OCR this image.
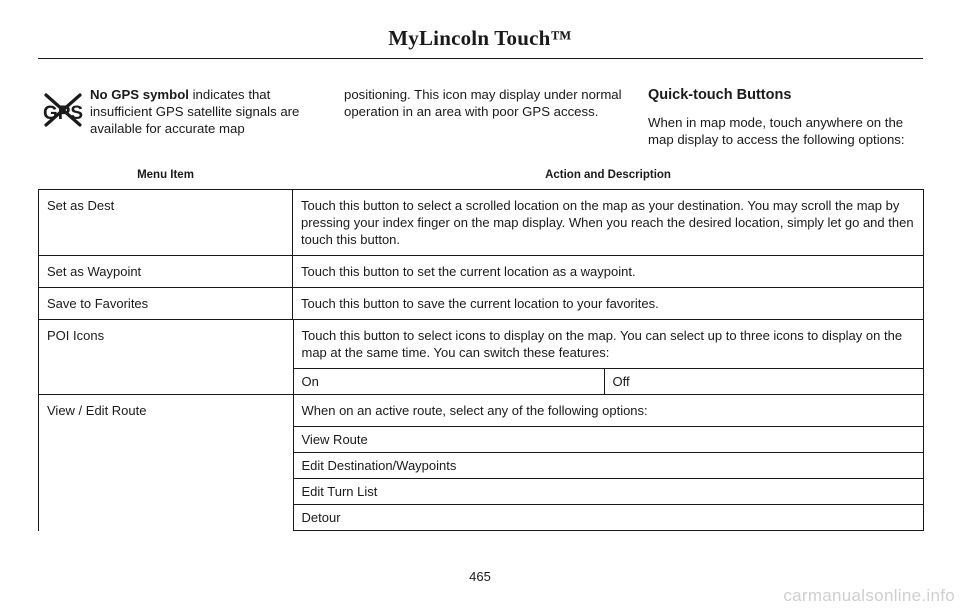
MyLincoln Touch™
GPS
No GPS symbol indicates that insufficient GPS satellite signals are available for accurate map
positioning. This icon may display under normal operation in an area with poor GPS access.
Quick-touch Buttons

When in map mode, touch anywhere on the map display to access the following options:

Menu Item	Action and Description
Set as Dest	Touch this button to select a scrolled location on the map as your destination. You may scroll the map by pressing your index finger on the map display. When you reach the desired location, simply let go and then touch this button.
Set as Waypoint	Touch this button to set the current location as a waypoint.
Save to Favorites	Touch this button to save the current location to your favorites.
POI Icons	Touch this button to select icons to display on the map. You can select up to three icons to display on the map at the same time. You can switch these features:
On Off

View / Edit Route	When on an active route, select any of the following options:
View Route
Edit Destination/Waypoints
Edit Turn List
Detour
465
carmanualsonline.info
